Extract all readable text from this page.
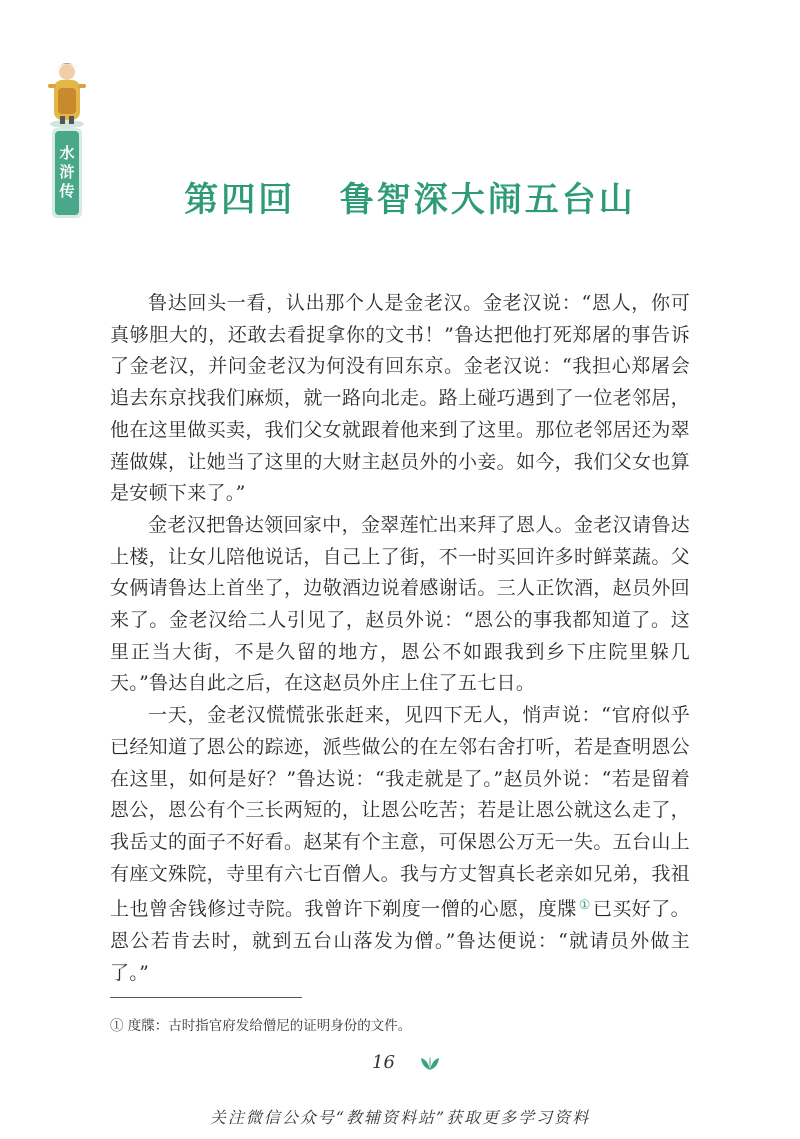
水浒传	第四回   鲁智深大闹五台山

鲁达回头一看，认出那个人是金老汉。金老汉说：“恩人，你可真够胆大的，还敢去看捉拿你的文书！”鲁达把他打死郑屠的事告诉了金老汉，并问金老汉为何没有回东京。金老汉说：“我担心郑屠会追去东京找我们麻烦，就一路向北走。路上碰巧遇到了一位老邻居，他在这里做买卖，我们父女就跟着他来到了这里。那位老邻居还为翠莲做媒，让她当了这里的大财主赵员外的小妾。如今，我们父女也算是安顿下来了。”

金老汉把鲁达领回家中，金翠莲忙出来拜了恩人。金老汉请鲁达上楼，让女儿陪他说话，自己上了街，不一时买回许多时鲜菜蔬。父女俩请鲁达上首坐了，边敬酒边说着感谢话。三人正饮酒，赵员外回来了。金老汉给二人引见了，赵员外说：“恩公的事我都知道了。这里正当大街，不是久留的地方，恩公不如跟我到乡下庄院里躲几天。”鲁达自此之后，在这赵员外庄上住了五七日。

一天，金老汉慌慌张张赶来，见四下无人，悄声说：“官府似乎已经知道了恩公的踪迹，派些做公的在左邻右舍打听，若是查明恩公在这里，如何是好？”鲁达说：“我走就是了。”赵员外说：“若是留着恩公，恩公有个三长两短的，让恩公吃苦；若是让恩公就这么走了，我岳丈的面子不好看。赵某有个主意，可保恩公万无一失。五台山上有座文殊院，寺里有六七百僧人。我与方丈智真长老亲如兄弟，我祖上也曾舍钱修过寺院。我曾许下剃度一僧的心愿，度牒 ① 已买好了。恩公若肯去时，就到五台山落发为僧。”鲁达便说：“就请员外做主了。”

① 度牒：古时指官府发给僧尼的证明身份的文件。
16
关注微信公众号“教辅资料站”获取更多学习资料
